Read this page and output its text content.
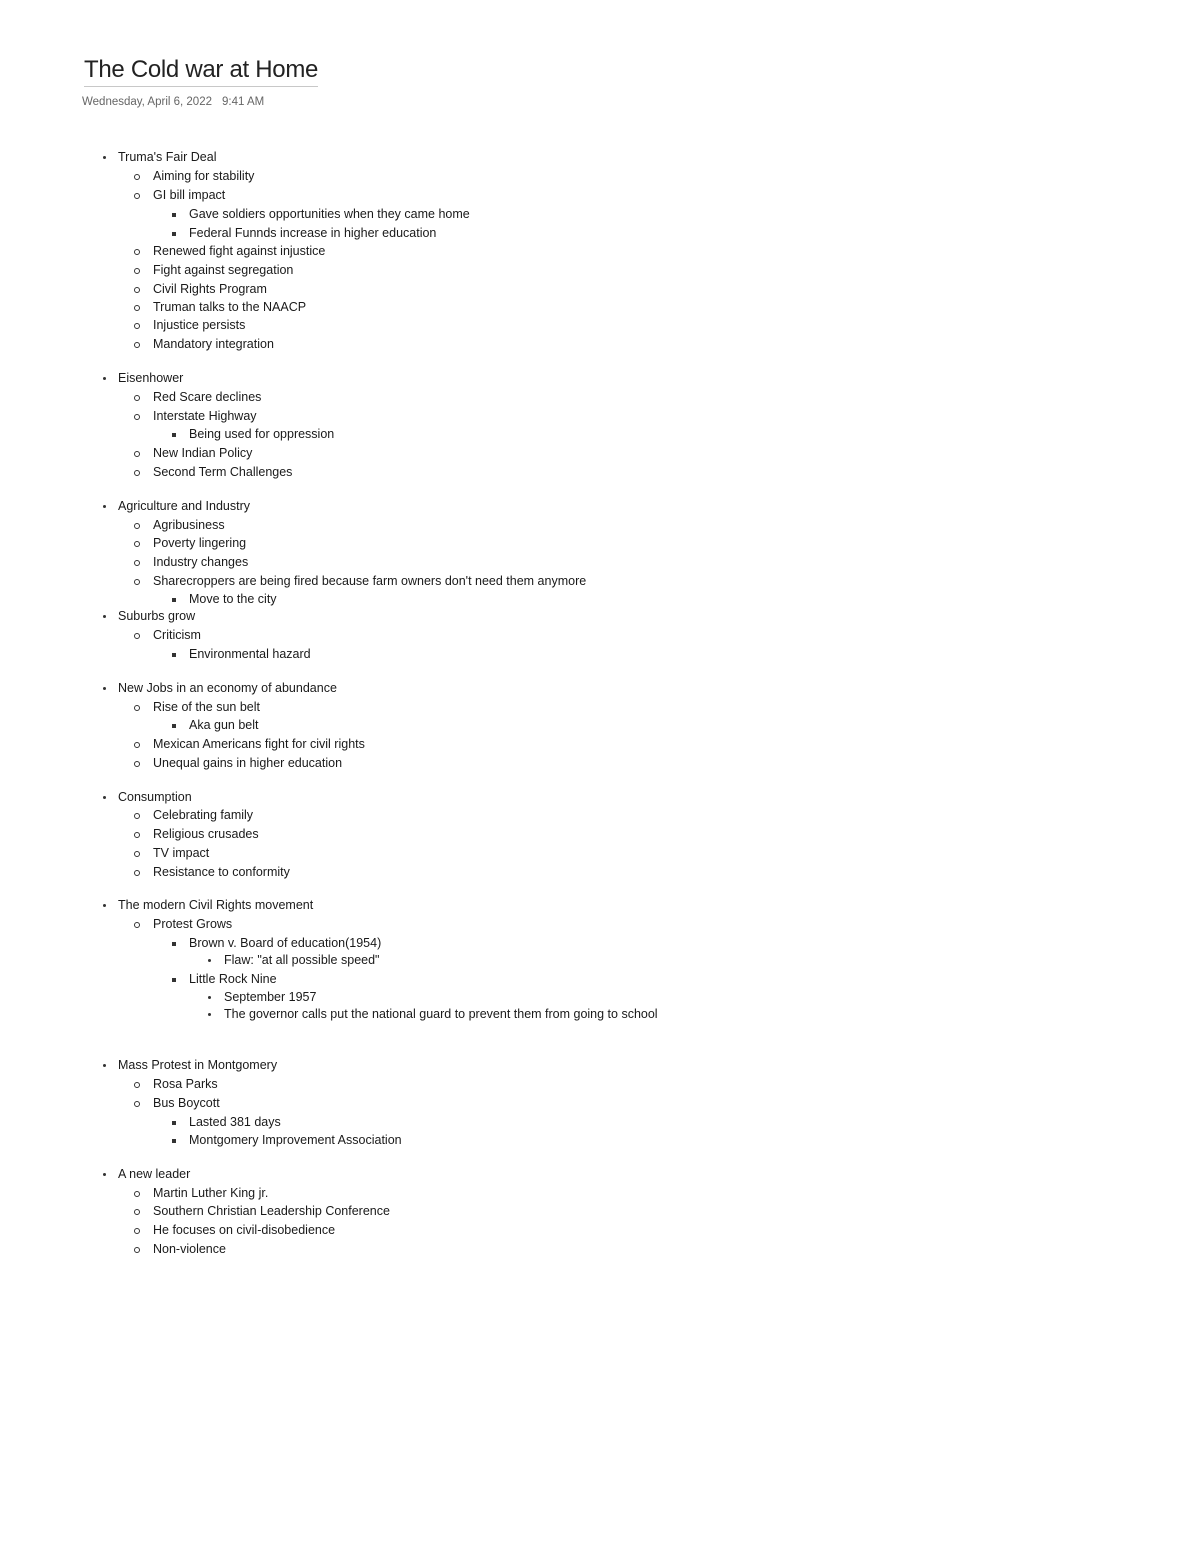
The Cold war at Home
Wednesday, April 6, 2022 9:41 AM
Truma's Fair Deal
Aiming for stability
GI bill impact
Gave soldiers opportunities when they came home
Federal Funnds increase in higher education
Renewed fight against injustice
Fight against segregation
Civil Rights Program
Truman talks to the NAACP
Injustice persists
Mandatory integration
Eisenhower
Red Scare declines
Interstate Highway
Being used for oppression
New Indian Policy
Second Term Challenges
Agriculture and Industry
Agribusiness
Poverty lingering
Industry changes
Sharecroppers are being fired because farm owners don't need them anymore
Move to the city
Suburbs grow
Criticism
Environmental hazard
New Jobs in an economy of abundance
Rise of the sun belt
Aka gun belt
Mexican Americans fight for civil rights
Unequal gains in higher education
Consumption
Celebrating family
Religious crusades
TV impact
Resistance to conformity
The modern Civil Rights movement
Protest Grows
Brown v. Board of education(1954)
Flaw: "at all possible speed"
Little Rock Nine
September 1957
The governor calls put the national guard to prevent them from going to school
Mass Protest in Montgomery
Rosa Parks
Bus Boycott
Lasted 381 days
Montgomery Improvement Association
A new leader
Martin Luther King jr.
Southern Christian Leadership Conference
He focuses on civil-disobedience
Non-violence
